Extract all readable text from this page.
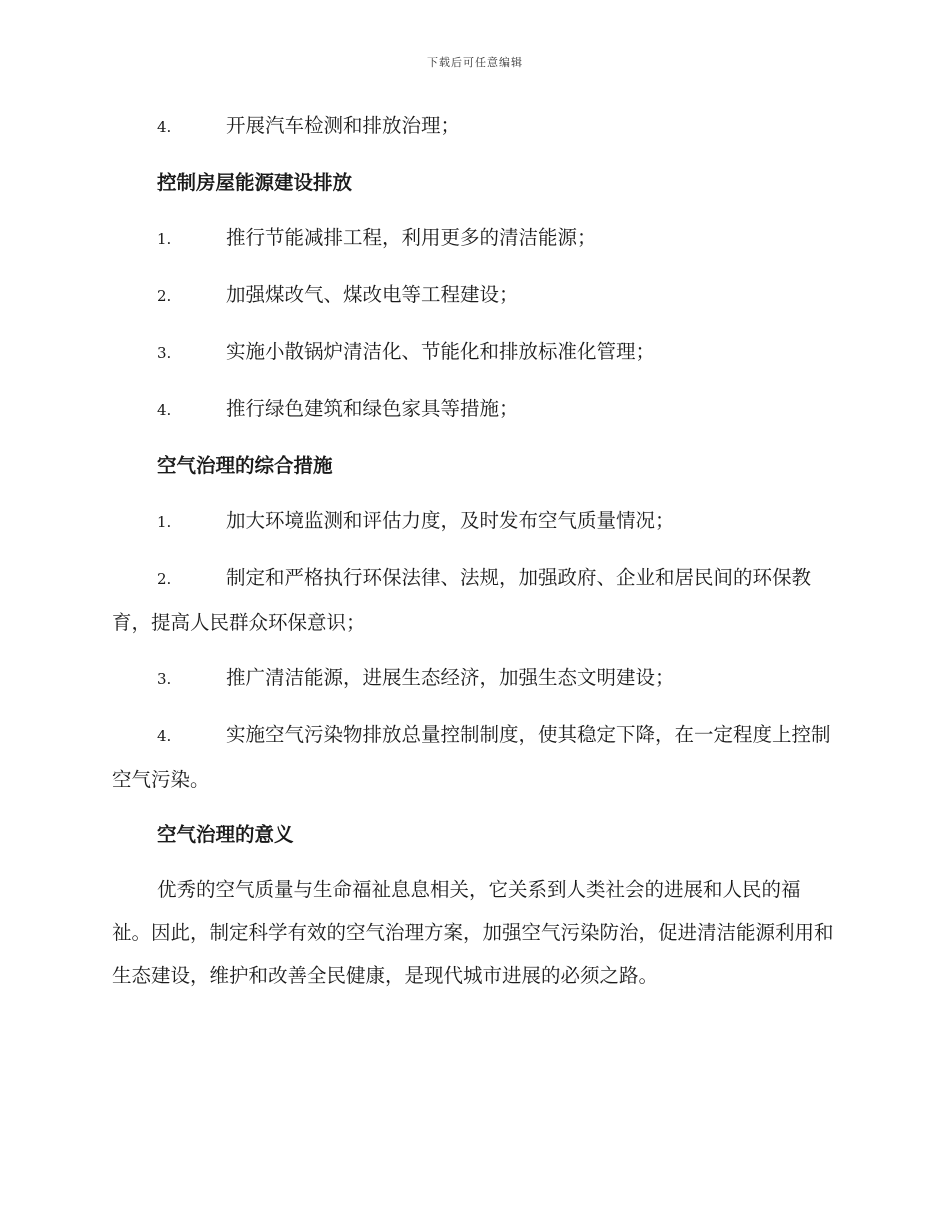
下载后可任意编辑

4.	开展汽车检测和排放治理；

控制房屋能源建设排放

1.	推行节能减排工程，利用更多的清洁能源；

2.	加强煤改气、煤改电等工程建设；

3.	实施小散锅炉清洁化、节能化和排放标准化管理；

4.	推行绿色建筑和绿色家具等措施；

空气治理的综合措施

1.	加大环境监测和评估力度，及时发布空气质量情况；

2.	制定和严格执行环保法律、法规，加强政府、企业和居民间的环保教育，提高人民群众环保意识；

3.	推广清洁能源，进展生态经济，加强生态文明建设；

4.	实施空气污染物排放总量控制制度，使其稳定下降，在一定程度上控制空气污染。

空气治理的意义

优秀的空气质量与生命福祉息息相关，它关系到人类社会的进展和人民的福祉。因此，制定科学有效的空气治理方案，加强空气污染防治，促进清洁能源利用和生态建设，维护和改善全民健康，是现代城市进展的必须之路。
